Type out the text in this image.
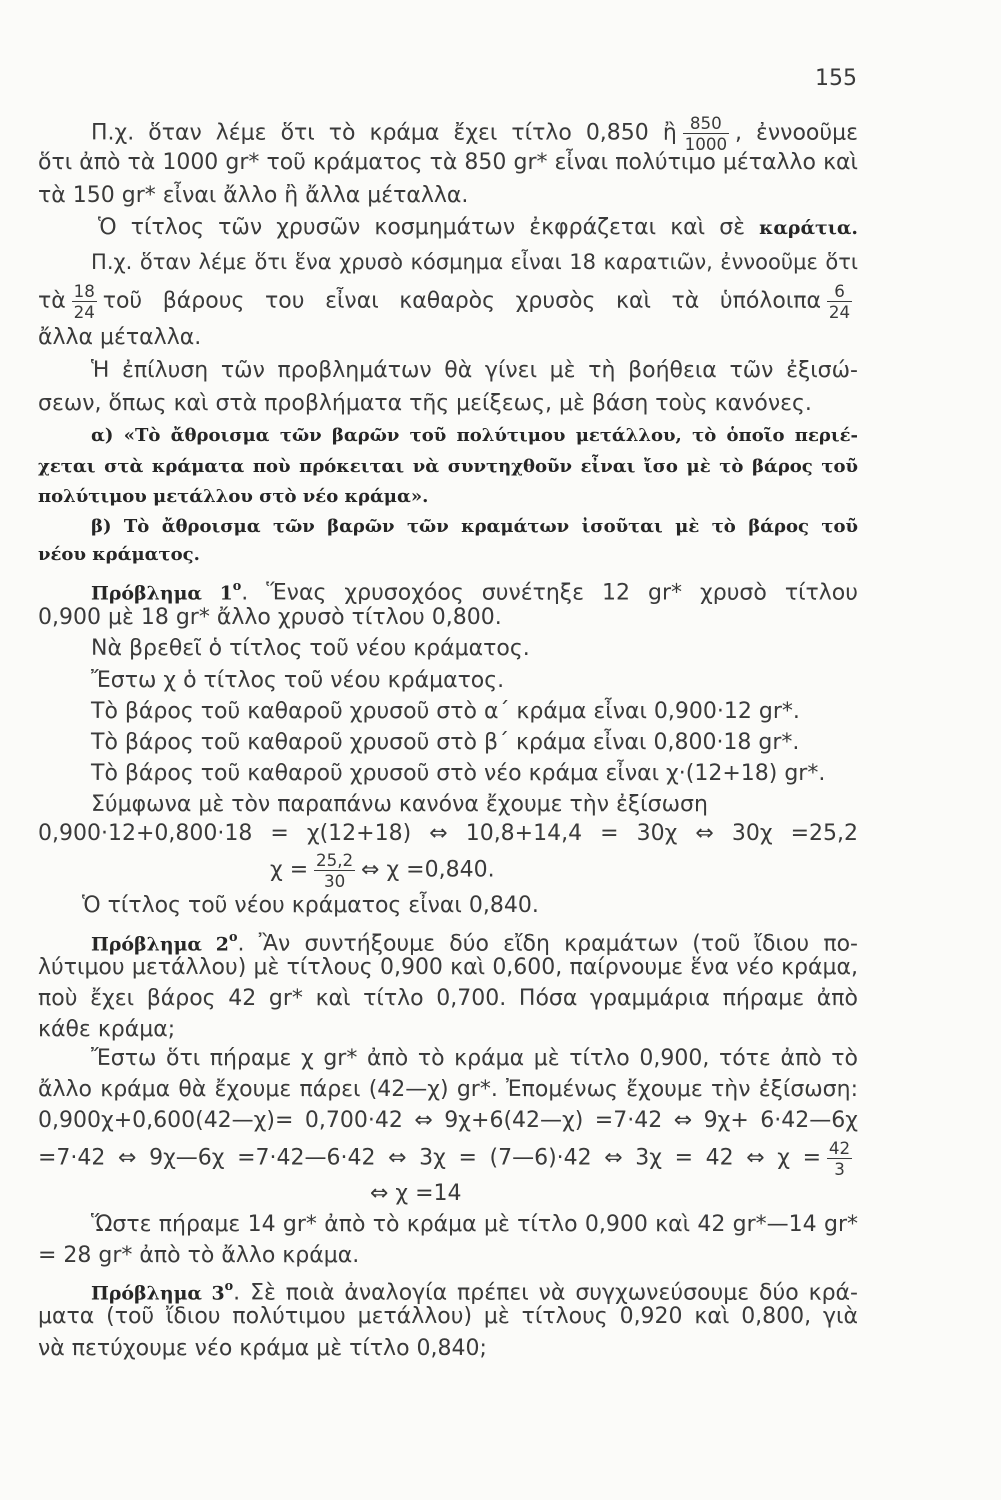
155
Π.χ. ὅταν λέμε ὅτι τὸ κράμα ἔχει τίτλο 0,850 ἢ $\frac{850}{1000}$ , ἐννοοῦμε
ὅτι ἀπὸ τὰ 1000 gr* τοῦ κράματος τὰ 850 gr* εἶναι πολύτιμο μέταλλο καὶ
τὰ 150 gr* εἶναι ἄλλο ἢ ἄλλα μέταλλα.
Ὁ τίτλος τῶν χρυσῶν κοσμημάτων ἐκφράζεται καὶ σὲ καράτια.
Π.χ. ὅταν λέμε ὅτι ἕνα χρυσὸ κόσμημα εἶναι 18 καρατιῶν, ἐννοοῦμε ὅτι
τὰ $\frac{18}{24}$ τοῦ βάρους του εἶναι καθαρὸς χρυσὸς καὶ τὰ ὑπόλοιπα $\frac{6}{24}$
ἄλλα μέταλλα.
Ἡ ἐπίλυση τῶν προβλημάτων θὰ γίνει μὲ τὴ βοήθεια τῶν ἐξισώ-
σεων, ὅπως καὶ στὰ προβλήματα τῆς μείξεως, μὲ βάση τοὺς κανόνες.
α) «Τὸ ἄθροισμα τῶν βαρῶν τοῦ πολύτιμου μετάλλου, τὸ ὁποῖο περιέ-
χεται στὰ κράματα ποὺ πρόκειται νὰ συντηχθοῦν εἶναι ἴσο μὲ τὸ βάρος τοῦ
πολύτιμου μετάλλου στὸ νέο κράμα».
β) Τὸ ἄθροισμα τῶν βαρῶν τῶν κραμάτων ἰσοῦται μὲ τὸ βάρος τοῦ
νέου κράματος.
Πρόβλημα $1^o$. Ἕνας χρυσοχόος συνέτηξε 12 gr* χρυσὸ τίτλου
0,900 μὲ 18 gr* ἄλλο χρυσὸ τίτλου 0,800.
Νὰ βρεθεῖ ὁ τίτλος τοῦ νέου κράματος.
Ἔστω χ ὁ τίτλος τοῦ νέου κράματος.
Τὸ βάρος τοῦ καθαροῦ χρυσοῦ στὸ α΄ κράμα εἶναι 0,900·12 gr*.
Τὸ βάρος τοῦ καθαροῦ χρυσοῦ στὸ β΄ κράμα εἶναι 0,800·18 gr*.
Τὸ βάρος τοῦ καθαροῦ χρυσοῦ στὸ νέο κράμα εἶναι χ·(12+18) gr*.
Σύμφωνα μὲ τὸν παραπάνω κανόνα ἔχουμε τὴν ἐξίσωση
0,900·12+0,800·18 = χ(12+18) ⇔ 10,8+14,4 = 30χ ⇔ 30χ =25,2
$\chi = \frac{25,2}{30}$ ⇔ χ =0,840.
Ὁ τίτλος τοῦ νέου κράματος εἶναι 0,840.
Πρόβλημα $2^o$. Ἂν συντήξουμε δύο εἴδη κραμάτων (τοῦ ἴδιου πο-
λύτιμου μετάλλου) μὲ τίτλους 0,900 καὶ 0,600, παίρνουμε ἕνα νέο κράμα,
ποὺ ἔχει βάρος 42 gr* καὶ τίτλο 0,700. Πόσα γραμμάρια πήραμε ἀπὸ
κάθε κράμα;
Ἔστω ὅτι πήραμε χ gr* ἀπὸ τὸ κράμα μὲ τίτλο 0,900, τότε ἀπὸ τὸ
ἄλλο κράμα θὰ ἔχουμε πάρει (42—χ) gr*. Ἐπομένως ἔχουμε τὴν ἐξίσωση:
0,900χ+0,600(42—χ)= 0,700·42 ⇔ 9χ+6(42—χ) =7·42 ⇔ 9χ+ 6·42—6χ
=7·42 ⇔ 9χ—6χ =7·42—6·42 ⇔ 3χ = (7—6)·42 ⇔ 3χ = 42 ⇔ $\chi = \frac{42}{3}$
⇔ χ =14
Ὥστε πήραμε 14 gr* ἀπὸ τὸ κράμα μὲ τίτλο 0,900 καὶ 42 gr*—14 gr*
= 28 gr* ἀπὸ τὸ ἄλλο κράμα.
Πρόβλημα $3^o$. Σὲ ποιὰ ἀναλογία πρέπει νὰ συγχωνεύσουμε δύο κρά-
ματα (τοῦ ἴδιου πολύτιμου μετάλλου) μὲ τίτλους 0,920 καὶ 0,800, γιὰ
νὰ πετύχουμε νέο κράμα μὲ τίτλο 0,840;
